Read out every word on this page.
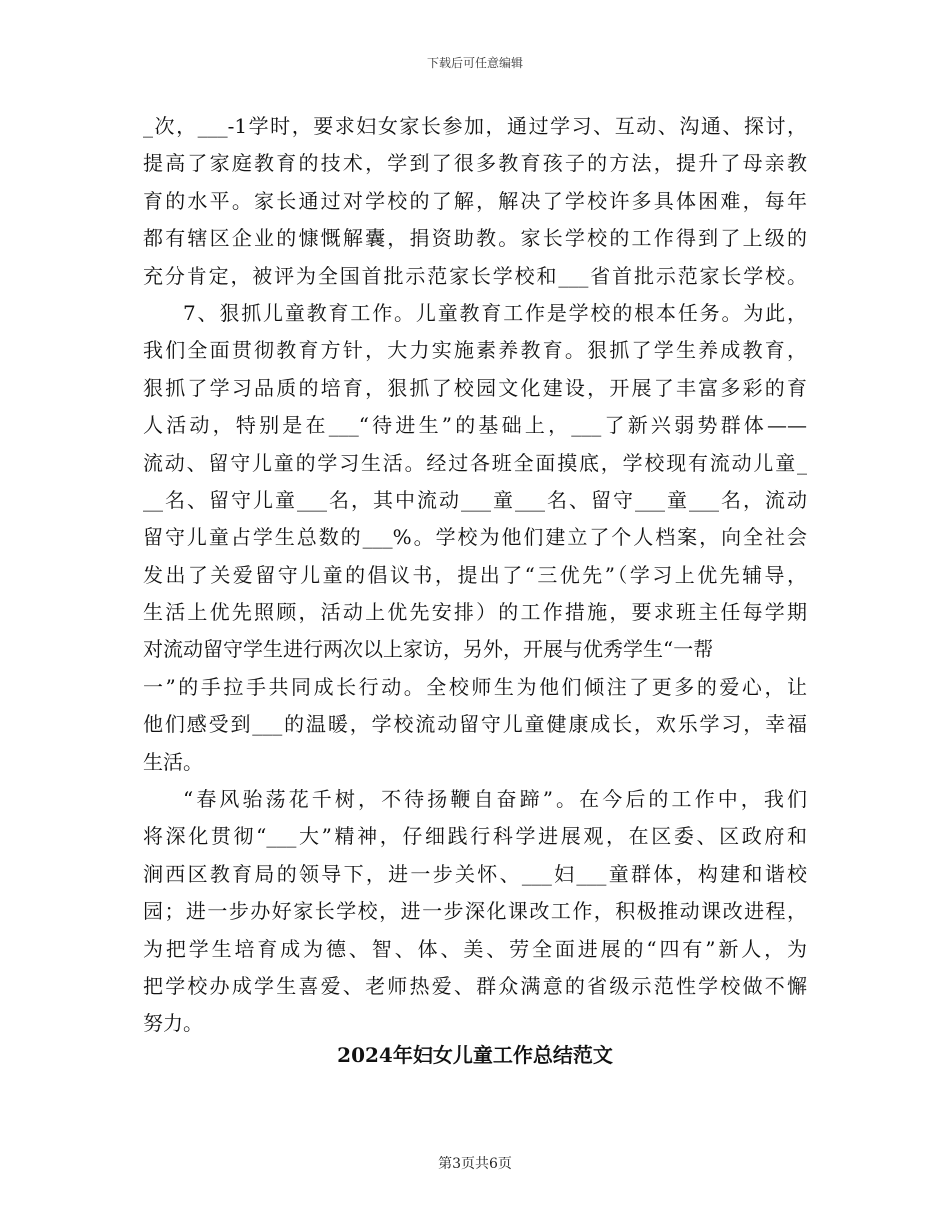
下载后可任意编辑
_次，___-1学时，要求妇女家长参加，通过学习、互动、沟通、探讨，
提高了家庭教育的技术，学到了很多教育孩子的方法，提升了母亲教
育的水平。家长通过对学校的了解，解决了学校许多具体困难，每年
都有辖区企业的慷慨解囊，捐资助教。家长学校的工作得到了上级的
充分肯定，被评为全国首批示范家长学校和___省首批示范家长学校。
7、狠抓儿童教育工作。儿童教育工作是学校的根本任务。为此，
我们全面贯彻教育方针，大力实施素养教育。狠抓了学生养成教育，
狠抓了学习品质的培育，狠抓了校园文化建设，开展了丰富多彩的育
人活动，特别是在___“待进生”的基础上，___了新兴弱势群体——
流动、留守儿童的学习生活。经过各班全面摸底，学校现有流动儿童_
__名、留守儿童___名，其中流动___童___名、留守___童___名，流动
留守儿童占学生总数的___%。学校为他们建立了个人档案，向全社会
发出了关爱留守儿童的倡议书，提出了“三优先”（学习上优先辅导，
生活上优先照顾，活动上优先安排）的工作措施，要求班主任每学期
对流动留守学生进行两次以上家访，另外，开展与优秀学生“一帮
一”的手拉手共同成长行动。全校师生为他们倾注了更多的爱心，让
他们感受到___的温暖，学校流动留守儿童健康成长，欢乐学习，幸福
生活。
“春风骀荡花千树，不待扬鞭自奋蹄”。在今后的工作中，我们
将深化贯彻“___大”精神，仔细践行科学进展观，在区委、区政府和
涧西区教育局的领导下，进一步关怀、___妇___童群体，构建和谐校
园；进一步办好家长学校，进一步深化课改工作，积极推动课改进程，
为把学生培育成为德、智、体、美、劳全面进展的“四有”新人，为
把学校办成学生喜爱、老师热爱、群众满意的省级示范性学校做不懈
努力。
2024年妇女儿童工作总结范文
第3页共6页
